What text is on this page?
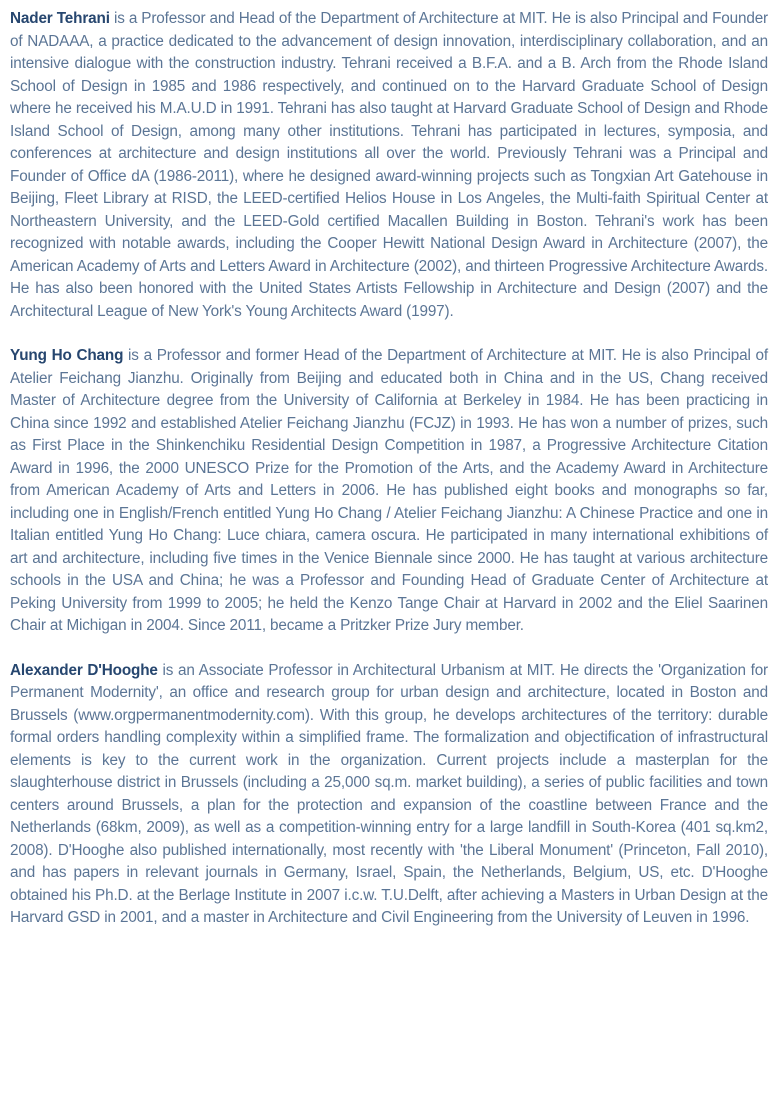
Nader Tehrani is a Professor and Head of the Department of Architecture at MIT. He is also Principal and Founder of NADAAA, a practice dedicated to the advancement of design innovation, interdisciplinary collaboration, and an intensive dialogue with the construction industry. Tehrani received a B.F.A. and a B. Arch from the Rhode Island School of Design in 1985 and 1986 respectively, and continued on to the Harvard Graduate School of Design where he received his M.A.U.D in 1991. Tehrani has also taught at Harvard Graduate School of Design and Rhode Island School of Design, among many other institutions. Tehrani has participated in lectures, symposia, and conferences at architecture and design institutions all over the world. Previously Tehrani was a Principal and Founder of Office dA (1986-2011), where he designed award-winning projects such as Tongxian Art Gatehouse in Beijing, Fleet Library at RISD, the LEED-certified Helios House in Los Angeles, the Multi-faith Spiritual Center at Northeastern University, and the LEED-Gold certified Macallen Building in Boston. Tehrani's work has been recognized with notable awards, including the Cooper Hewitt National Design Award in Architecture (2007), the American Academy of Arts and Letters Award in Architecture (2002), and thirteen Progressive Architecture Awards. He has also been honored with the United States Artists Fellowship in Architecture and Design (2007) and the Architectural League of New York's Young Architects Award (1997).

Yung Ho Chang is a Professor and former Head of the Department of Architecture at MIT. He is also Principal of Atelier Feichang Jianzhu. Originally from Beijing and educated both in China and in the US, Chang received Master of Architecture degree from the University of California at Berkeley in 1984. He has been practicing in China since 1992 and established Atelier Feichang Jianzhu (FCJZ) in 1993. He has won a number of prizes, such as First Place in the Shinkenchiku Residential Design Competition in 1987, a Progressive Architecture Citation Award in 1996, the 2000 UNESCO Prize for the Promotion of the Arts, and the Academy Award in Architecture from American Academy of Arts and Letters in 2006. He has published eight books and monographs so far, including one in English/French entitled Yung Ho Chang / Atelier Feichang Jianzhu: A Chinese Practice and one in Italian entitled Yung Ho Chang: Luce chiara, camera oscura. He participated in many international exhibitions of art and architecture, including five times in the Venice Biennale since 2000. He has taught at various architecture schools in the USA and China; he was a Professor and Founding Head of Graduate Center of Architecture at Peking University from 1999 to 2005; he held the Kenzo Tange Chair at Harvard in 2002 and the Eliel Saarinen Chair at Michigan in 2004. Since 2011, became a Pritzker Prize Jury member.

Alexander D'Hooghe is an Associate Professor in Architectural Urbanism at MIT. He directs the 'Organization for Permanent Modernity', an office and research group for urban design and architecture, located in Boston and Brussels (www.orgpermanentmodernity.com). With this group, he develops architectures of the territory: durable formal orders handling complexity within a simplified frame. The formalization and objectification of infrastructural elements is key to the current work in the organization. Current projects include a masterplan for the slaughterhouse district in Brussels (including a 25,000 sq.m. market building), a series of public facilities and town centers around Brussels, a plan for the protection and expansion of the coastline between France and the Netherlands (68km, 2009), as well as a competition-winning entry for a large landfill in South-Korea (401 sq.km2, 2008). D'Hooghe also published internationally, most recently with 'the Liberal Monument' (Princeton, Fall 2010), and has papers in relevant journals in Germany, Israel, Spain, the Netherlands, Belgium, US, etc. D'Hooghe obtained his Ph.D. at the Berlage Institute in 2007 i.c.w. T.U.Delft, after achieving a Masters in Urban Design at the Harvard GSD in 2001, and a master in Architecture and Civil Engineering from the University of Leuven in 1996.
